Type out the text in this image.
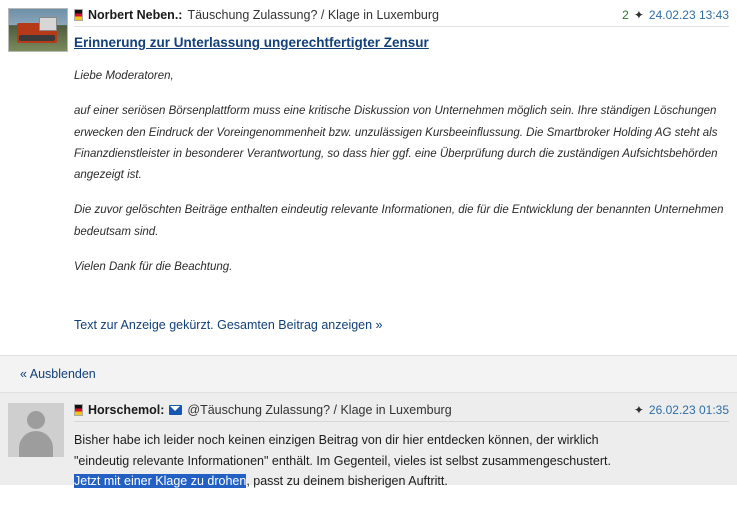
Norbert Neben.: Täuschung Zulassung? / Klage in Luxemburg	2 ✦ 24.02.23 13:43
Erinnerung zur Unterlassung ungerechtfertigter Zensur

Liebe Moderatoren,

auf einer seriösen Börsenplattform muss eine kritische Diskussion von Unternehmen möglich sein. Ihre ständigen Löschungen erwecken den Eindruck der Voreingenommenheit bzw. unzulässigen Kursbeeinflussung. Die Smartbroker Holding AG steht als Finanzdienstleister in besonderer Verantwortung, so dass hier ggf. eine Überprüfung durch die zuständigen Aufsichtsbehörden angezeigt ist.

Die zuvor gelöschten Beiträge enthalten eindeutig relevante Informationen, die für die Entwicklung der benannten Unternehmen bedeutsam sind.

Vielen Dank für die Beachtung.

Text zur Anzeige gekürzt. Gesamten Beitrag anzeigen »
« Ausblenden
Horschemol: @Täuschung Zulassung? / Klage in Luxemburg	✦ 26.02.23 01:35
Bisher habe ich leider noch keinen einzigen Beitrag von dir hier entdecken können, der wirklich
"eindeutig relevante Informationen" enthält. Im Gegenteil, vieles ist selbst zusammengeschustert.
Jetzt mit einer Klage zu drohen, passt zu deinem bisherigen Auftritt.
